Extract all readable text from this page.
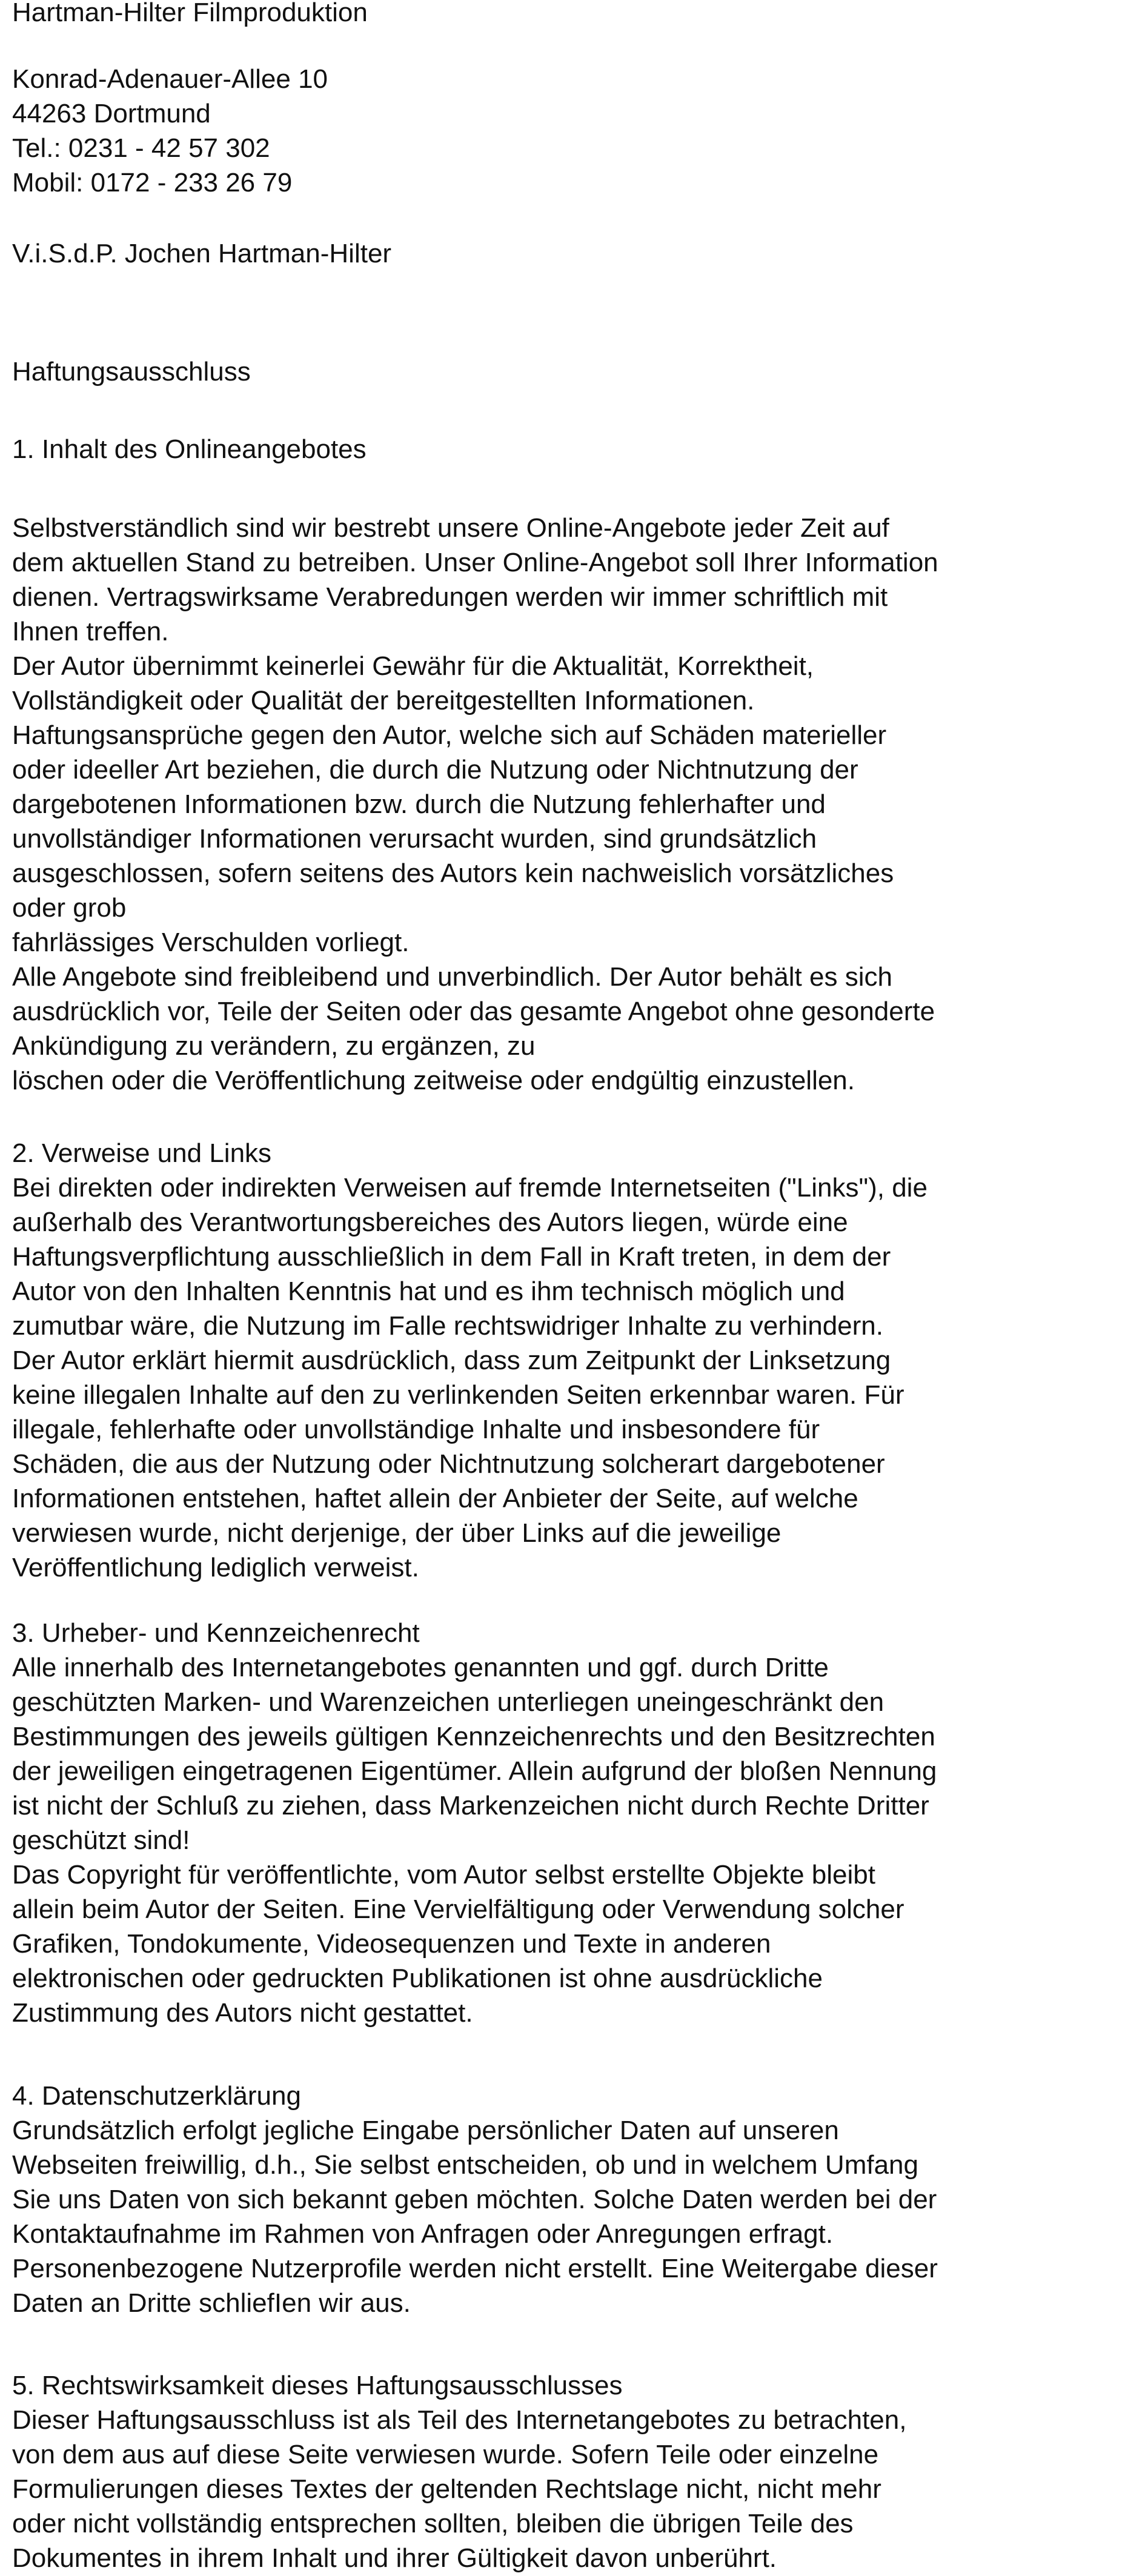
Hartman-Hilter Filmproduktion

Konrad-Adenauer-Allee 10
44263 Dortmund
Tel.: 0231 - 42 57 302
Mobil: 0172 - 233 26 79

V.i.S.d.P. Jochen Hartman-Hilter

Haftungsausschluss

1. Inhalt des Onlineangebotes

Selbstverständlich sind wir bestrebt unsere Online-Angebote jeder Zeit auf
dem aktuellen Stand zu betreiben. Unser Online-Angebot soll Ihrer Information
dienen. Vertragswirksame Verabredungen werden wir immer schriftlich mit
Ihnen treffen.
Der Autor übernimmt keinerlei Gewähr für die Aktualität, Korrektheit,
Vollständigkeit oder Qualität der bereitgestellten Informationen.
Haftungsansprüche gegen den Autor, welche sich auf Schäden materieller
oder ideeller Art beziehen, die durch die Nutzung oder Nichtnutzung der
dargebotenen Informationen bzw. durch die Nutzung fehlerhafter und
unvollständiger Informationen verursacht wurden, sind grundsätzlich
ausgeschlossen, sofern seitens des Autors kein nachweislich vorsätzliches
oder grob
fahrlässiges Verschulden vorliegt.
Alle Angebote sind freibleibend und unverbindlich. Der Autor behält es sich
ausdrücklich vor, Teile der Seiten oder das gesamte Angebot ohne gesonderte
Ankündigung zu verändern, zu ergänzen, zu
löschen oder die Veröffentlichung zeitweise oder endgültig einzustellen.

2. Verweise und Links

Bei direkten oder indirekten Verweisen auf fremde Internetseiten ("Links"), die
außerhalb des Verantwortungsbereiches des Autors liegen, würde eine
Haftungsverpflichtung ausschließlich in dem Fall in Kraft treten, in dem der
Autor von den Inhalten Kenntnis hat und es ihm technisch möglich und
zumutbar wäre, die Nutzung im Falle rechtswidriger Inhalte zu verhindern.
Der Autor erklärt hiermit ausdrücklich, dass zum Zeitpunkt der Linksetzung
keine illegalen Inhalte auf den zu verlinkenden Seiten erkennbar waren. Für
illegale, fehlerhafte oder unvollständige Inhalte und insbesondere für
Schäden, die aus der Nutzung oder Nichtnutzung solcherart dargebotener
Informationen entstehen, haftet allein der Anbieter der Seite, auf welche
verwiesen wurde, nicht derjenige, der über Links auf die jeweilige
Veröffentlichung lediglich verweist.

3. Urheber- und Kennzeichenrecht

Alle innerhalb des Internetangebotes genannten und ggf. durch Dritte
geschützten Marken- und Warenzeichen unterliegen uneingeschränkt den
Bestimmungen des jeweils gültigen Kennzeichenrechts und den Besitzrechten
der jeweiligen eingetragenen Eigentümer. Allein aufgrund der bloßen Nennung
ist nicht der Schluß zu ziehen, dass Markenzeichen nicht durch Rechte Dritter
geschützt sind!
Das Copyright für veröffentlichte, vom Autor selbst erstellte Objekte bleibt
allein beim Autor der Seiten. Eine Vervielfältigung oder Verwendung solcher
Grafiken, Tondokumente, Videosequenzen und Texte in anderen
elektronischen oder gedruckten Publikationen ist ohne ausdrückliche
Zustimmung des Autors nicht gestattet.

4. Datenschutzerklärung

Grundsätzlich erfolgt jegliche Eingabe persönlicher Daten auf unseren
Webseiten freiwillig, d.h., Sie selbst entscheiden, ob und in welchem Umfang
Sie uns Daten von sich bekannt geben möchten. Solche Daten werden bei der
Kontaktaufnahme im Rahmen von Anfragen oder Anregungen erfragt.
Personenbezogene Nutzerprofile werden nicht erstellt. Eine Weitergabe dieser
Daten an Dritte schliefIen wir aus.

5. Rechtswirksamkeit dieses Haftungsausschlusses

Dieser Haftungsausschluss ist als Teil des Internetangebotes zu betrachten,
von dem aus auf diese Seite verwiesen wurde. Sofern Teile oder einzelne
Formulierungen dieses Textes der geltenden Rechtslage nicht, nicht mehr
oder nicht vollständig entsprechen sollten, bleiben die übrigen Teile des
Dokumentes in ihrem Inhalt und ihrer Gültigkeit davon unberührt.
